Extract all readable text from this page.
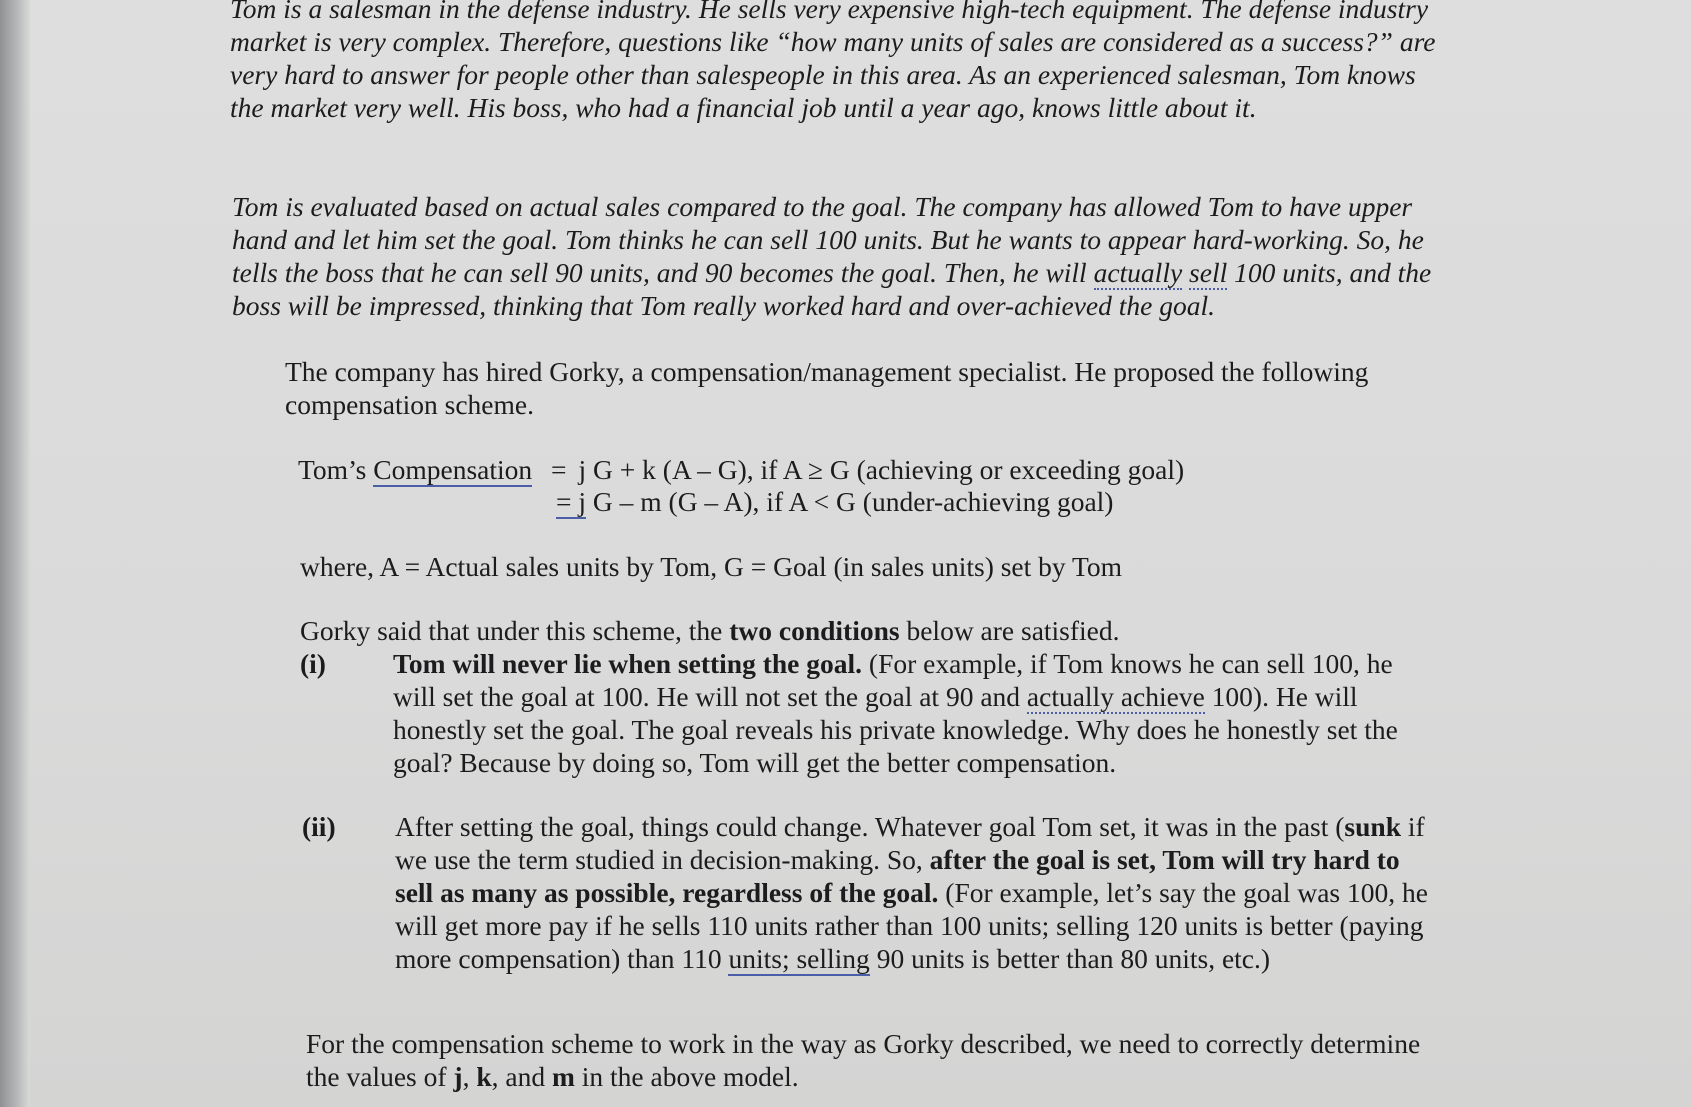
Tom is a salesman in the defense industry. He sells very expensive high-tech equipment. The defense industry market is very complex. Therefore, questions like “how many units of sales are considered as a success?” are very hard to answer for people other than salespeople in this area. As an experienced salesman, Tom knows the market very well. His boss, who had a financial job until a year ago, knows little about it.

Tom is evaluated based on actual sales compared to the goal. The company has allowed Tom to have upper hand and let him set the goal. Tom thinks he can sell 100 units. But he wants to appear hard-working. So, he tells the boss that he can sell 90 units, and 90 becomes the goal. Then, he will actually sell 100 units, and the boss will be impressed, thinking that Tom really worked hard and over-achieved the goal.

The company has hired Gorky, a compensation/management specialist. He proposed the following compensation scheme.

Tom’s Compensation = j G + k (A – G), if A ≥ G (achieving or exceeding goal)
= j G – m (G – A), if A < G (under-achieving goal)

where, A = Actual sales units by Tom, G = Goal (in sales units) set by Tom

Gorky said that under this scheme, the two conditions below are satisfied.

(i) Tom will never lie when setting the goal. (For example, if Tom knows he can sell 100, he will set the goal at 100. He will not set the goal at 90 and actually achieve 100). He will honestly set the goal. The goal reveals his private knowledge. Why does he honestly set the goal? Because by doing so, Tom will get the better compensation.

(ii) After setting the goal, things could change. Whatever goal Tom set, it was in the past (sunk if we use the term studied in decision-making. So, after the goal is set, Tom will try hard to sell as many as possible, regardless of the goal. (For example, let’s say the goal was 100, he will get more pay if he sells 110 units rather than 100 units; selling 120 units is better (paying more compensation) than 110 units; selling 90 units is better than 80 units, etc.)

For the compensation scheme to work in the way as Gorky described, we need to correctly determine the values of j, k, and m in the above model.
